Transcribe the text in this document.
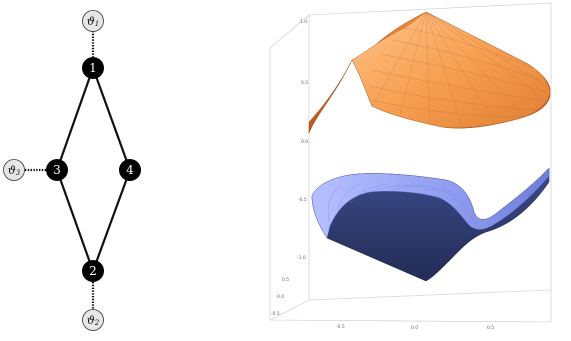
$ϑ_1$
$ϑ_2$
$ϑ_3$
1
2
3	4
1.0
0.5
0.0
-0.5
-1.0
-0.5	0.0	0.5
0.5
0.0
-0.5
